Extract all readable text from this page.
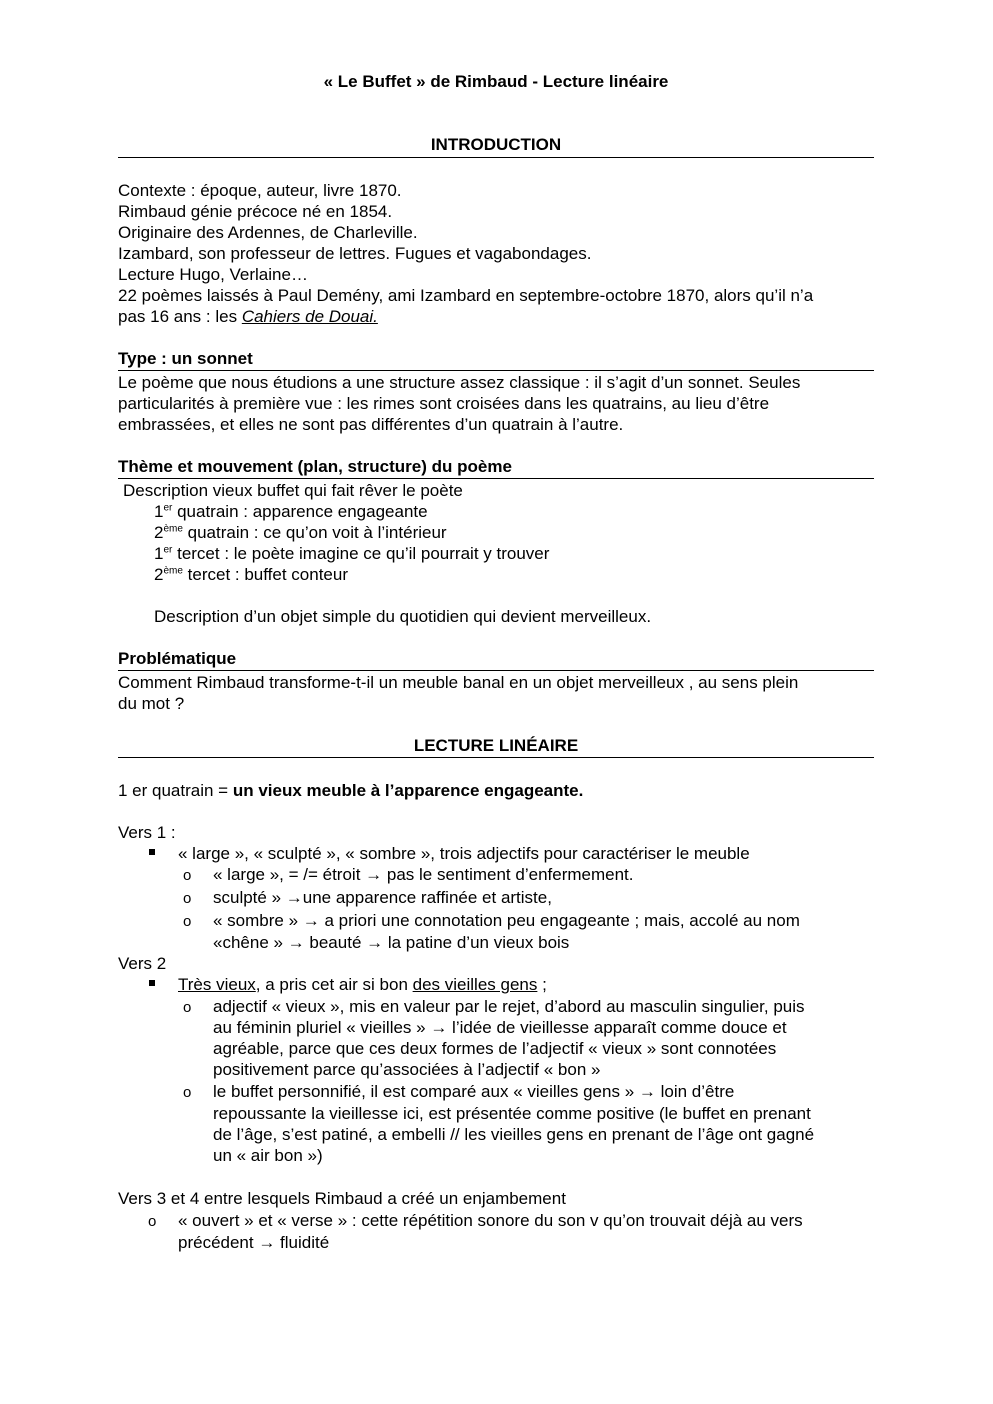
« Le Buffet » de Rimbaud - Lecture linéaire
INTRODUCTION
Contexte : époque, auteur, livre 1870.
Rimbaud génie précoce né en 1854.
Originaire des Ardennes, de Charleville.
Izambard, son professeur de lettres. Fugues et vagabondages.
Lecture Hugo, Verlaine…
22 poèmes laissés à Paul Demény, ami Izambard en septembre-octobre 1870, alors qu’il n’a
pas 16 ans : les Cahiers de Douai.
Type : un sonnet
Le poème que nous étudions a une structure assez classique : il s’agit d’un sonnet. Seules
particularités à première vue : les rimes sont croisées dans les quatrains, au lieu d’être
embrassées, et elles ne sont pas différentes d’un quatrain à l’autre.
Thème et mouvement (plan, structure) du poème
Description vieux buffet qui fait rêver le poète
1er quatrain : apparence engageante
2ème quatrain : ce qu’on voit à l’intérieur
1er tercet : le poète imagine ce qu’il pourrait y trouver
2ème tercet : buffet conteur
Description d’un objet simple du quotidien qui devient merveilleux.
Problématique
Comment Rimbaud transforme-t-il un meuble banal en un objet merveilleux , au sens plein
du mot ?
LECTURE LINÉAIRE
1 er quatrain = un vieux meuble à l’apparence engageante.
Vers 1 :
« large », « sculpté », « sombre », trois adjectifs pour caractériser le meuble
o « large », = /= étroit → pas le sentiment d’enfermement.
o sculpté » →une apparence raffinée et artiste,
o « sombre » → a priori une connotation peu engageante ; mais, accolé au nom
«chêne » → beauté → la patine d’un vieux bois
Vers 2
Très vieux, a pris cet air si bon des vieilles gens ;
o adjectif « vieux », mis en valeur par le rejet, d’abord au masculin singulier, puis
au féminin pluriel « vieilles » → l’idée de vieillesse apparaît comme douce et
agréable, parce que ces deux formes de l’adjectif « vieux » sont connotées
positivement parce qu’associées à l’adjectif « bon »
o le buffet personnifié, il est comparé aux « vieilles gens » → loin d’être
repoussante la vieillesse ici, est présentée comme positive (le buffet en prenant
de l’âge, s’est patiné, a embelli // les vieilles gens en prenant de l’âge ont gagné
un « air bon »)
Vers 3 et 4 entre lesquels Rimbaud a créé un enjambement
o « ouvert » et « verse » : cette répétition sonore du son v qu’on trouvait déjà au vers
précédent → fluidité
